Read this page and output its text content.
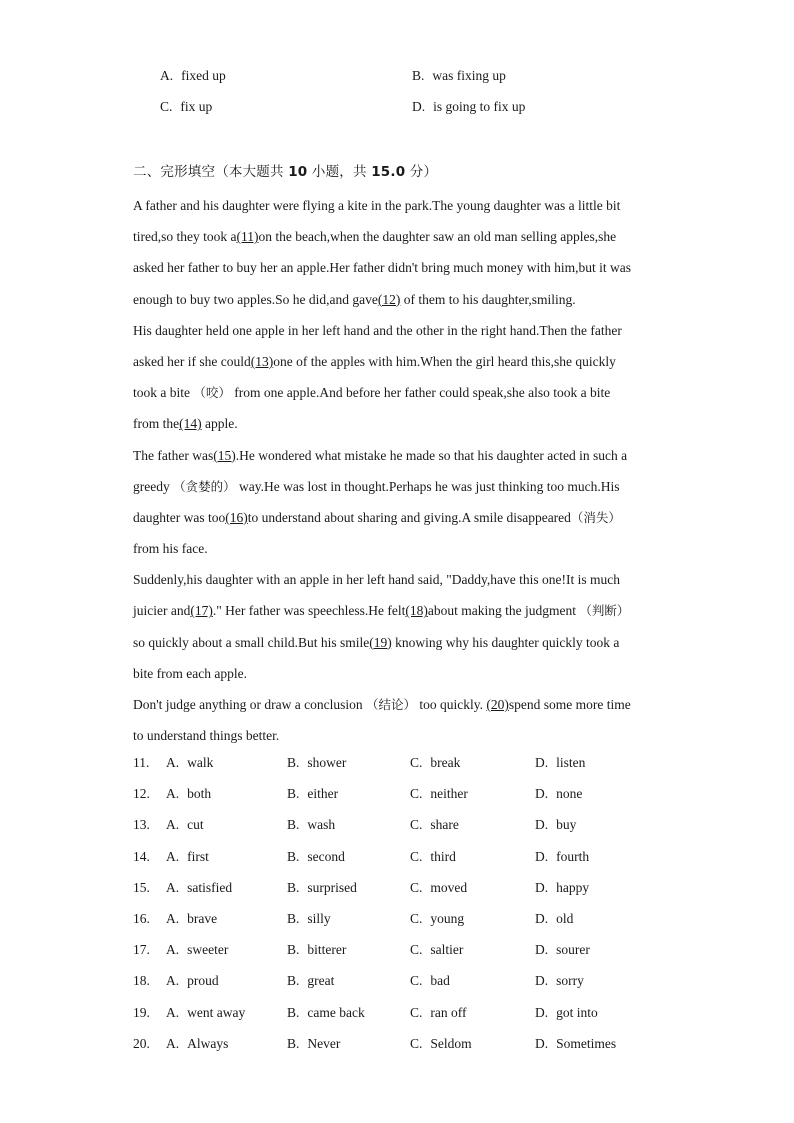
A. fixed up	B. was fixing up
C. fix up	D. is going to fix up
二、完形填空（本大题共 10 小题，共 15.0 分）
A father and his daughter were flying a kite in the park.The young daughter was a little bit
tired,so they took a(11)on the beach,when the daughter saw an old man selling apples,she
asked her father to buy her an apple.Her father didn't bring much money with him,but it was
enough to buy two apples.So he did,and gave(12) of them to his daughter,smiling.
His daughter held one apple in her left hand and the other in the right hand.Then the father
asked her if she could(13)one of the apples with him.When the girl heard this,she quickly
took a bite （咬） from one apple.And before her father could speak,she also took a bite
from the(14) apple.
The father was(15).He wondered what mistake he made so that his daughter acted in such a
greedy （贪婪的） way.He was lost in thought.Perhaps he was just thinking too much.His
daughter was too(16)to understand about sharing and giving.A smile disappeared（消失）
from his face.
Suddenly,his daughter with an apple in her left hand said, "Daddy,have this one!It is much
juicier and(17)." Her father was speechless.He felt(18)about making the judgment （判断）
so quickly about a small child.But his smile(19) knowing why his daughter quickly took a
bite from each apple.
Don't judge anything or draw a conclusion （结论） too quickly. (20)spend some more time
to understand things better.
11.	A. walk	B. shower	C. break	D. listen
12.	A. both	B. either	C. neither	D. none
13.	A. cut	B. wash	C. share	D. buy
14.	A. first	B. second	C. third	D. fourth
15.	A. satisfied	B. surprised	C. moved	D. happy
16.	A. brave	B. silly	C. young	D. old
17.	A. sweeter	B. bitterer	C. saltier	D. sourer
18.	A. proud	B. great	C. bad	D. sorry
19.	A. went away	B. came back	C. ran off	D. got into
20.	A. Always	B. Never	C. Seldom	D. Sometimes
